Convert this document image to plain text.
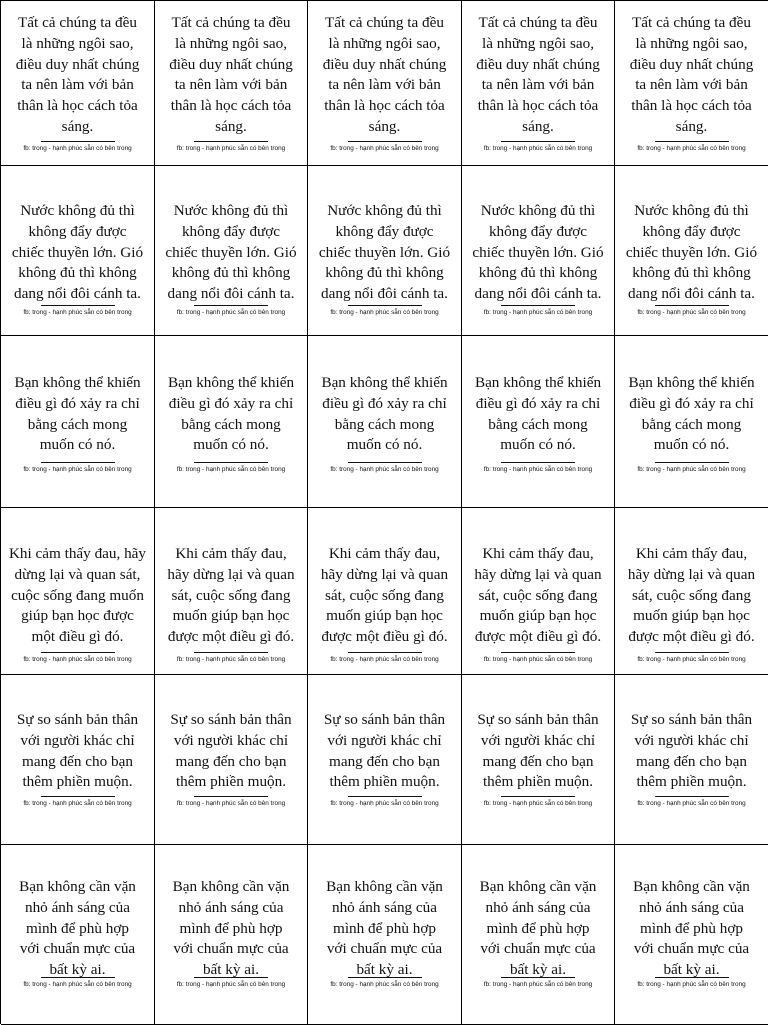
Tất cả chúng ta đều
là những ngôi sao,
điều duy nhất chúng
ta nên làm với bản
thân là học cách tỏa
sáng.
fb: trong - hạnh phúc sẵn có bên trong
Tất cả chúng ta đều
là những ngôi sao,
điều duy nhất chúng
ta nên làm với bản
thân là học cách tỏa
sáng.
fb: trong - hạnh phúc sẵn có bên trong
Tất cả chúng ta đều
là những ngôi sao,
điều duy nhất chúng
ta nên làm với bản
thân là học cách tỏa
sáng.
fb: trong - hạnh phúc sẵn có bên trong
Tất cả chúng ta đều
là những ngôi sao,
điều duy nhất chúng
ta nên làm với bản
thân là học cách tỏa
sáng.
fb: trong - hạnh phúc sẵn có bên trong
Tất cả chúng ta đều
là những ngôi sao,
điều duy nhất chúng
ta nên làm với bản
thân là học cách tỏa
sáng.
fb: trong - hạnh phúc sẵn có bên trong
Nước không đủ thì
không đẩy được
chiếc thuyền lớn. Gió
không đủ thì không
dang nổi đôi cánh ta.
fb: trong - hạnh phúc sẵn có bên trong
Nước không đủ thì
không đẩy được
chiếc thuyền lớn. Gió
không đủ thì không
dang nổi đôi cánh ta.
fb: trong - hạnh phúc sẵn có bên trong
Nước không đủ thì
không đẩy được
chiếc thuyền lớn. Gió
không đủ thì không
dang nổi đôi cánh ta.
fb: trong - hạnh phúc sẵn có bên trong
Nước không đủ thì
không đẩy được
chiếc thuyền lớn. Gió
không đủ thì không
dang nổi đôi cánh ta.
fb: trong - hạnh phúc sẵn có bên trong
Nước không đủ thì
không đẩy được
chiếc thuyền lớn. Gió
không đủ thì không
dang nổi đôi cánh ta.
fb: trong - hạnh phúc sẵn có bên trong
Bạn không thể khiến
điều gì đó xảy ra chỉ
bằng cách mong
muốn có nó.
fb: trong - hạnh phúc sẵn có bên trong
Bạn không thể khiến
điều gì đó xảy ra chỉ
bằng cách mong
muốn có nó.
fb: trong - hạnh phúc sẵn có bên trong
Bạn không thể khiến
điều gì đó xảy ra chỉ
bằng cách mong
muốn có nó.
fb: trong - hạnh phúc sẵn có bên trong
Bạn không thể khiến
điều gì đó xảy ra chỉ
bằng cách mong
muốn có nó.
fb: trong - hạnh phúc sẵn có bên trong
Bạn không thể khiến
điều gì đó xảy ra chỉ
bằng cách mong
muốn có nó.
fb: trong - hạnh phúc sẵn có bên trong
Khi cảm thấy đau, hãy
dừng lại và quan sát,
cuộc sống đang muốn
giúp bạn học được
một điều gì đó.
fb: trong - hạnh phúc sẵn có bên trong
Khi cảm thấy đau,
hãy dừng lại và quan
sát, cuộc sống đang
muốn giúp bạn học
được một điều gì đó.
fb: trong - hạnh phúc sẵn có bên trong
Khi cảm thấy đau,
hãy dừng lại và quan
sát, cuộc sống đang
muốn giúp bạn học
được một điều gì đó.
fb: trong - hạnh phúc sẵn có bên trong
Khi cảm thấy đau,
hãy dừng lại và quan
sát, cuộc sống đang
muốn giúp bạn học
được một điều gì đó.
fb: trong - hạnh phúc sẵn có bên trong
Khi cảm thấy đau,
hãy dừng lại và quan
sát, cuộc sống đang
muốn giúp bạn học
được một điều gì đó.
fb: trong - hạnh phúc sẵn có bên trong
Sự so sánh bản thân
với người khác chỉ
mang đến cho bạn
thêm phiền muộn.
fb: trong - hạnh phúc sẵn có bên trong
Sự so sánh bản thân
với người khác chỉ
mang đến cho bạn
thêm phiền muộn.
fb: trong - hạnh phúc sẵn có bên trong
Sự so sánh bản thân
với người khác chỉ
mang đến cho bạn
thêm phiền muộn.
fb: trong - hạnh phúc sẵn có bên trong
Sự so sánh bản thân
với người khác chỉ
mang đến cho bạn
thêm phiền muộn.
fb: trong - hạnh phúc sẵn có bên trong
Sự so sánh bản thân
với người khác chỉ
mang đến cho bạn
thêm phiền muộn.
fb: trong - hạnh phúc sẵn có bên trong
Bạn không cần vặn
nhỏ ánh sáng của
mình để phù hợp
với chuẩn mực của
bất kỳ ai.
fb: trong - hạnh phúc sẵn có bên trong
Bạn không cần vặn
nhỏ ánh sáng của
mình để phù hợp
với chuẩn mực của
bất kỳ ai.
fb: trong - hạnh phúc sẵn có bên trong
Bạn không cần vặn
nhỏ ánh sáng của
mình để phù hợp
với chuẩn mực của
bất kỳ ai.
fb: trong - hạnh phúc sẵn có bên trong
Bạn không cần vặn
nhỏ ánh sáng của
mình để phù hợp
với chuẩn mực của
bất kỳ ai.
fb: trong - hạnh phúc sẵn có bên trong
Bạn không cần vặn
nhỏ ánh sáng của
mình để phù hợp
với chuẩn mực của
bất kỳ ai.
fb: trong - hạnh phúc sẵn có bên trong
